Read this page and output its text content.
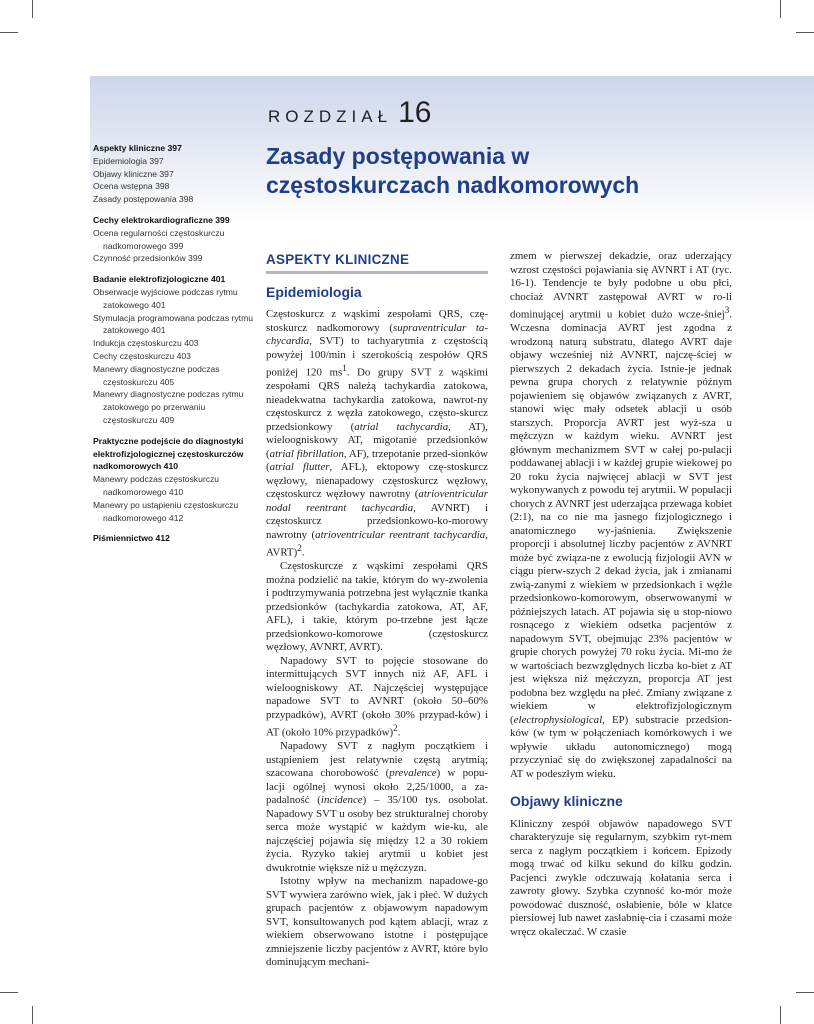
ROZDZIAŁ 16
Zasady postępowania w częstoskurczach nadkomorowych
Aspekty kliniczne 397
Epidemiologia 397
Objawy kliniczne 397
Ocena wstępna 398
Zasady postępowania 398
Cechy elektrokardiograficzne 399
Ocena regularności częstoskurczu nadkomorowego 399
Czynność przedsionków 399
Badanie elektrofizjologiczne 401
Obserwacje wyjściowe podczas rytmu zatokowego 401
Stymulacja programowana podczas rytmu zatokowego 401
Indukcja częstoskurczu 403
Cechy częstoskurczu 403
Manewry diagnostyczne podczas częstoskurczu 405
Manewry diagnostyczne podczas rytmu zatokowego po przerwaniu częstoskurczu 409
Praktyczne podejście do diagnostyki elektrofizjologicznej częstoskurczów nadkomorowych 410
Manewry podczas częstoskurczu nadkomorowego 410
Manewry po ustąpieniu częstoskurczu nadkomorowego 412
Piśmiennictwo 412
ASPEKTY KLINICZNE
Epidemiologia

Częstoskurcz z wąskimi zespołami QRS, czę-stoskurcz nadkomorowy (supraventricular ta-chycardia, SVT) to tachyarytmia z częstością powyżej 100/min i szerokością zespołów QRS poniżej 120 $ms^1$. Do grupy SVT z wąskimi zespołami QRS należą tachykardia zatokowa, nieadekwatna tachykardia zatokowa, nawrot-ny częstoskurcz z węzła zatokowego, często-skurcz przedsionkowy (atrial tachycardia, AT), wieloogniskowy AT, migotanie przedsionków (atrial fibrillation, AF), trzepotanie przed-sionków (atrial flutter, AFL), ektopowy czę-stoskurcz węzłowy, nienapadowy częstoskurcz węzłowy, częstoskurcz węzłowy nawrotny (atrioventricular nodal reentrant tachycardia, AVNRT) i częstoskurcz przedsionkowo-ko-morowy nawrotny (atrioventricular reentrant tachycardia, AVRT)$^2$.

Częstoskurcze z wąskimi zespołami QRS można podzielić na takie, którym do wy-zwolenia i podtrzymywania potrzebna jest wyłącznie tkanka przedsionków (tachykardia zatokowa, AT, AF, AFL), i takie, którym po-trzebne jest łącze przedsionkowo-komorowe (częstoskurcz węzłowy, AVNRT, AVRT).

Napadowy SVT to pojęcie stosowane do intermittujących SVT innych niż AF, AFL i wieloogniskowy AT. Najczęściej występujące napadowe SVT to AVNRT (około 50–60% przypadków), AVRT (około 30% przypad-ków) i AT (około 10% przypadków)$^2$.

Napadowy SVT z nagłym początkiem i ustąpieniem jest relatywnie częstą arytmią; szacowana chorobowość (prevalence) w popu-lacji ogólnej wynosi około 2,25/1000, a za-padalność (incidence) – 35/100 tys. osobolat. Napadowy SVT u osoby bez strukturalnej choroby serca może wystąpić w każdym wie-ku, ale najczęściej pojawia się między 12 a 30 rokiem życia. Ryzyko takiej arytmii u kobiet jest dwukrotnie większe niż u mężczyzn.

Istotny wpływ na mechanizm napadowe-go SVT wywiera zarówno wiek, jak i płeć. W dużych grupach pacjentów z objawowym napadowym SVT, konsultowanych pod kątem ablacji, wraz z wiekiem obserwowano istotne i postępujące zmniejszenie liczby pacjentów z AVRT, które było dominującym mechani-

zmem w pierwszej dekadzie, oraz uderzający wzrost częstości pojawiania się AVNRT i AT (ryc. 16-1). Tendencje te były podobne u obu płci, chociaż AVNRT zastępował AVRT w ro-li dominującej arytmii u kobiet dużo wcze-śniej$^3$. Wczesna dominacja AVRT jest zgodna z wrodzoną naturą substratu, dlatego AVRT daje objawy wcześniej niż AVNRT, najczę-ściej w pierwszych 2 dekadach życia. Istnie-je jednak pewna grupa chorych z relatywnie późnym pojawieniem się objawów związanych z AVRT, stanowi więc mały odsetek ablacji u osób starszych. Proporcja AVRT jest wyż-sza u mężczyzn w każdym wieku. AVNRT jest głównym mechanizmem SVT w całej po-pulacji poddawanej ablacji i w każdej grupie wiekowej po 20 roku życia najwięcej ablacji w SVT jest wykonywanych z powodu tej arytmii. W populacji chorych z AVNRT jest uderzająca przewaga kobiet (2:1), na co nie ma jasnego fizjologicznego i anatomicznego wy-jaśnienia. Zwiększenie proporcji i absolutnej liczby pacjentów z AVNRT może być związa-ne z ewolucją fizjologii AVN w ciągu pierw-szych 2 dekad życia, jak i zmianami zwią-zanymi z wiekiem w przedsionkach i węźle przedsionkowo-komorowym, obserwowanymi w późniejszych latach. AT pojawia się u stop-niowo rosnącego z wiekiem odsetka pacjentów z napadowym SVT, obejmując 23% pacjentów w grupie chorych powyżej 70 roku życia. Mi-mo że w wartościach bezwzględnych liczba ko-biet z AT jest większa niż mężczyzn, proporcja AT jest podobna bez względu na płeć. Zmiany związane z wiekiem w elektrofizjologicznym (electrophysiological, EP) substracie przedsion-ków (w tym w połączeniach komórkowych i we wpływie układu autonomicznego) mogą przyczyniać się do zwiększonej zapadalności na AT w podeszłym wieku.

Objawy kliniczne

Kliniczny zespół objawów napadowego SVT charakteryzuje się regularnym, szybkim ryt-mem serca z nagłym początkiem i końcem. Epizody mogą trwać od kilku sekund do kilku godzin. Pacjenci zwykle odczuwają kołatania serca i zawroty głowy. Szybka czynność ko-mór może powodować duszność, osłabienie, bóle w klatce piersiowej lub nawet zasłabnię-cia i czasami może wręcz okaleczać. W czasie
